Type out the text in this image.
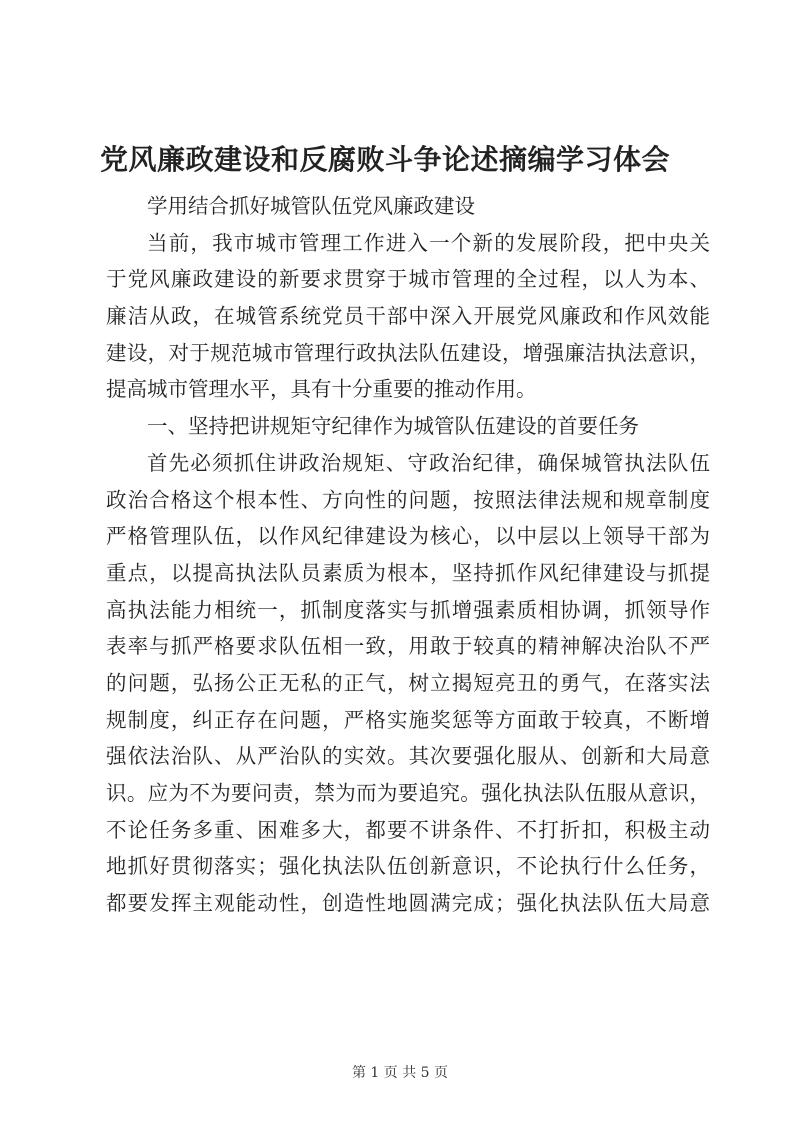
党风廉政建设和反腐败斗争论述摘编学习体会
学用结合抓好城管队伍党风廉政建设
当前，我市城市管理工作进入一个新的发展阶段，把中央关
于党风廉政建设的新要求贯穿于城市管理的全过程，以人为本、
廉洁从政，在城管系统党员干部中深入开展党风廉政和作风效能
建设，对于规范城市管理行政执法队伍建设，增强廉洁执法意识，
提高城市管理水平，具有十分重要的推动作用。
一、坚持把讲规矩守纪律作为城管队伍建设的首要任务
首先必须抓住讲政治规矩、守政治纪律，确保城管执法队伍
政治合格这个根本性、方向性的问题，按照法律法规和规章制度
严格管理队伍，以作风纪律建设为核心，以中层以上领导干部为
重点，以提高执法队员素质为根本，坚持抓作风纪律建设与抓提
高执法能力相统一，抓制度落实与抓增强素质相协调，抓领导作
表率与抓严格要求队伍相一致，用敢于较真的精神解决治队不严
的问题，弘扬公正无私的正气，树立揭短亮丑的勇气，在落实法
规制度，纠正存在问题，严格实施奖惩等方面敢于较真，不断增
强依法治队、从严治队的实效。其次要强化服从、创新和大局意
识。应为不为要问责，禁为而为要追究。强化执法队伍服从意识，
不论任务多重、困难多大，都要不讲条件、不打折扣，积极主动
地抓好贯彻落实；强化执法队伍创新意识，不论执行什么任务，
都要发挥主观能动性，创造性地圆满完成；强化执法队伍大局意
第 1 页 共 5 页
